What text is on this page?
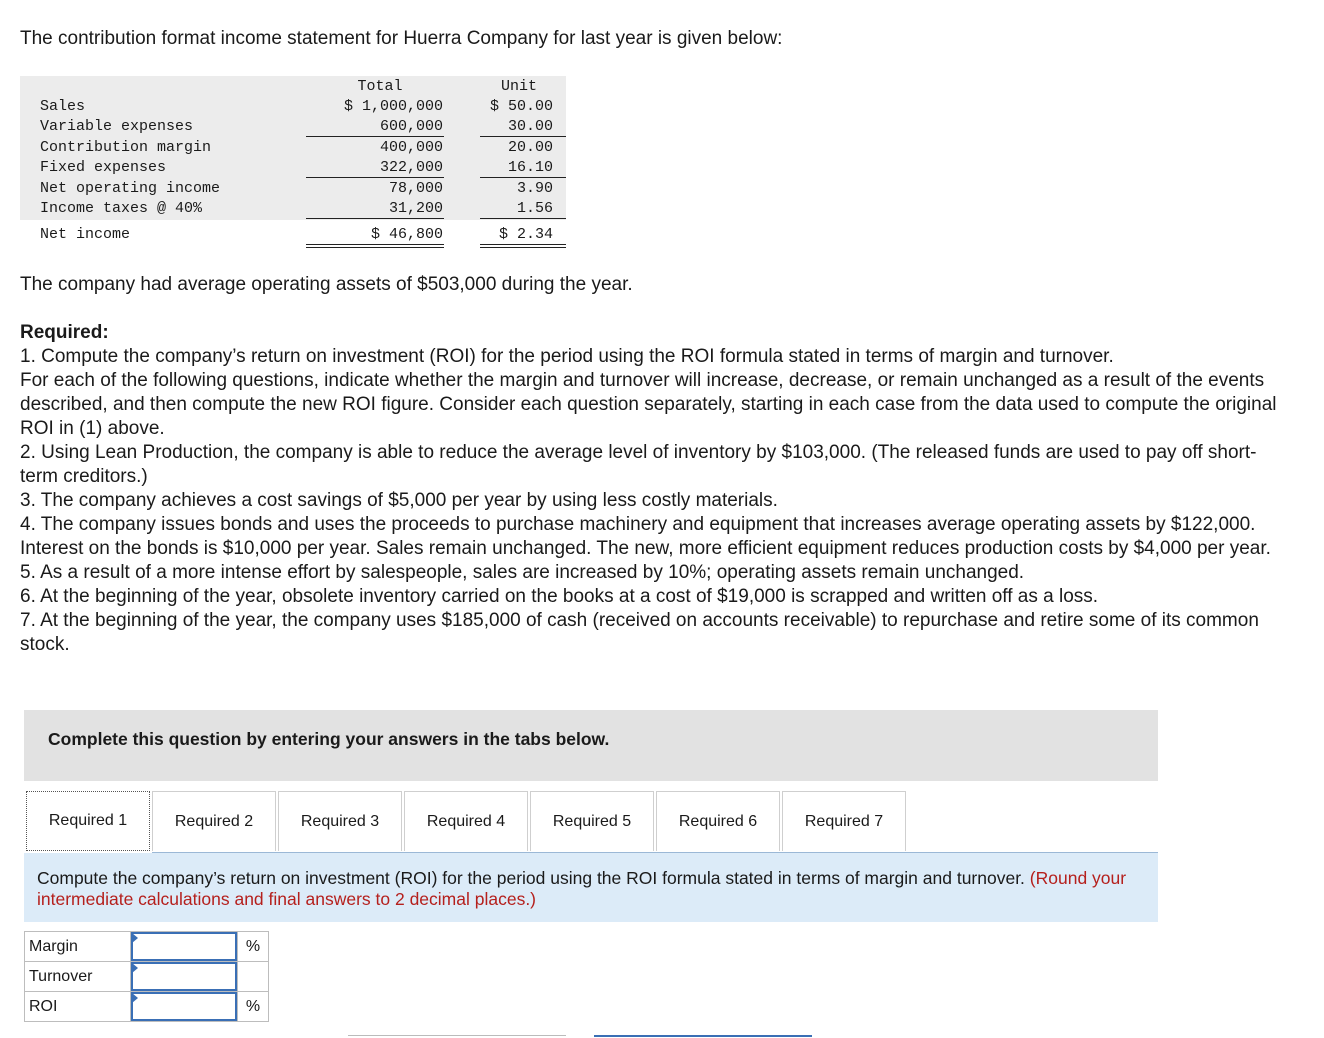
The contribution format income statement for Huerra Company for last year is given below:

Total	Unit
Sales	$ 1,000,000	$ 50.00
Variable expenses	600,000	30.00
Contribution margin	400,000	20.00
Fixed expenses	322,000	16.10
Net operating income	78,000	3.90
Income taxes @ 40%	31,200	1.56
Net income	$ 46,800	$ 2.34

The company had average operating assets of $503,000 during the year.

Required:

1. Compute the company’s return on investment (ROI) for the period using the ROI formula stated in terms of margin and turnover.

For each of the following questions, indicate whether the margin and turnover will increase, decrease, or remain unchanged as a result of the events described, and then compute the new ROI figure. Consider each question separately, starting in each case from the data used to compute the original ROI in (1) above.

2. Using Lean Production, the company is able to reduce the average level of inventory by $103,000. (The released funds are used to pay off short-term creditors.)

3. The company achieves a cost savings of $5,000 per year by using less costly materials.

4. The company issues bonds and uses the proceeds to purchase machinery and equipment that increases average operating assets by $122,000. Interest on the bonds is $10,000 per year. Sales remain unchanged. The new, more efficient equipment reduces production costs by $4,000 per year.

5. As a result of a more intense effort by salespeople, sales are increased by 10%; operating assets remain unchanged.

6. At the beginning of the year, obsolete inventory carried on the books at a cost of $19,000 is scrapped and written off as a loss.

7. At the beginning of the year, the company uses $185,000 of cash (received on accounts receivable) to repurchase and retire some of its common stock.

Complete this question by entering your answers in the tabs below.
Required 1	Required 2	Required 3	Required 4	Required 5	Required 6	Required 7
Compute the company’s return on investment (ROI) for the period using the ROI formula stated in terms of margin and turnover. (Round your intermediate calculations and final answers to 2 decimal places.)
Margin		%
Turnover	

ROI		%
